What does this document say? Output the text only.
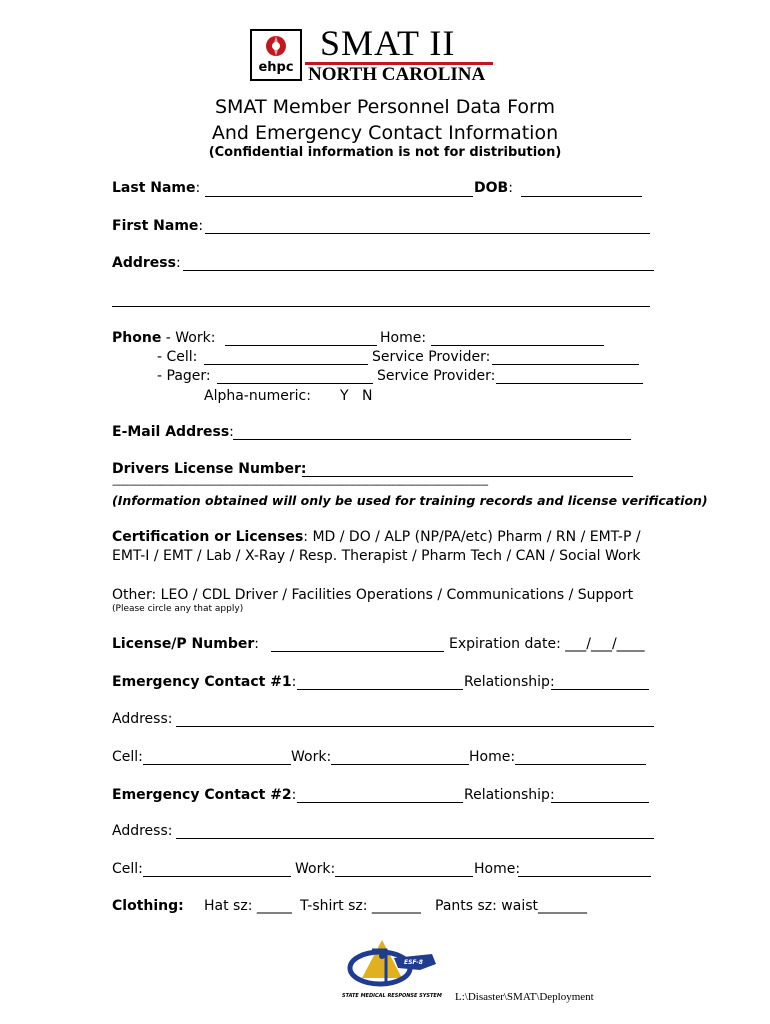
ehpc
SMAT II
NORTH CAROLINA
SMAT Member Personnel Data Form
And Emergency Contact Information
(Confidential information is not for distribution)
Last Name:	DOB:
First Name:
Address:
Phone - Work:	Home:
- Cell:	Service Provider:
- Pager:	Service Provider:
Alpha-numeric: Y N
E-Mail Address:
Drivers License Number:
------------------------------------------------------------------------------------------------------------------------------------------------
(Information obtained will only be used for training records and license verification)
Certification or Licenses: MD / DO / ALP (NP/PA/etc) Pharm / RN / EMT-P /
EMT-I / EMT / Lab / X-Ray / Resp. Therapist / Pharm Tech / CAN / Social Work
Other: LEO / CDL Driver / Facilities Operations / Communications / Support
(Please circle any that apply)
License/P Number:	Expiration date: ___/___/____
Emergency Contact #1:	Relationship:
Address:
Cell:	Work:	Home:
Emergency Contact #2:	Relationship:
Address:
Cell:	Work:	Home:
Clothing: Hat sz: _____ T-shirt sz: _______ Pants sz: waist_______
ESF-8
STATE MEDICAL RESPONSE SYSTEM L:\Disaster\SMAT\Deployment
